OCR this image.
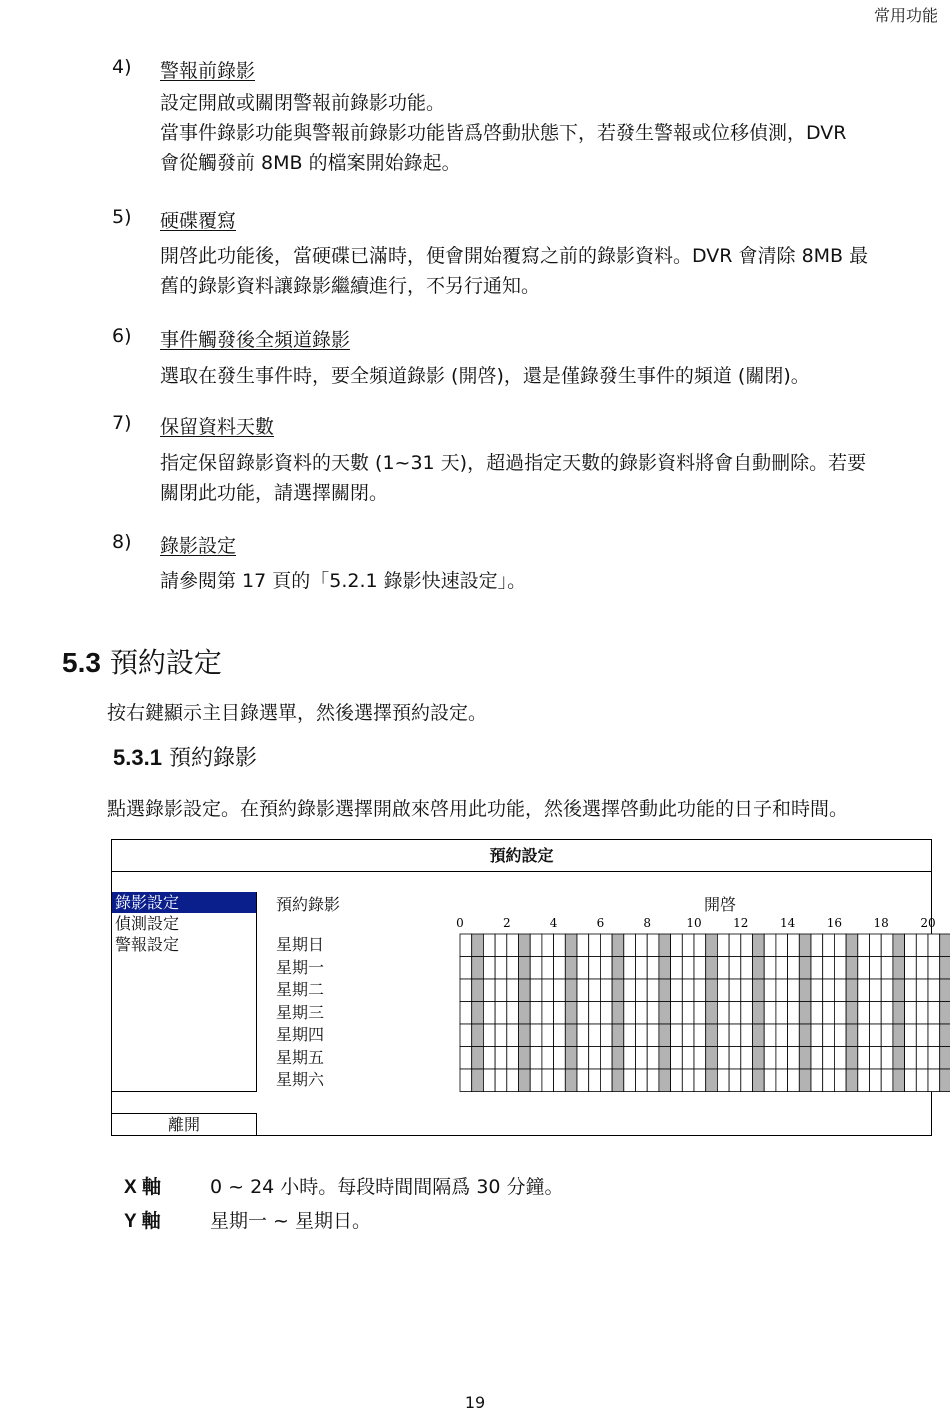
常用功能
4) 警報前錄影
設定開啟或關閉警報前錄影功能。
當事件錄影功能與警報前錄影功能皆爲啓動狀態下，若發生警報或位移偵測，DVR
會從觸發前 8MB 的檔案開始錄起。
5) 硬碟覆寫
開啓此功能後，當硬碟已滿時，便會開始覆寫之前的錄影資料。DVR 會清除 8MB 最
舊的錄影資料讓錄影繼續進行，不另行通知。
6) 事件觸發後全頻道錄影
選取在發生事件時，要全頻道錄影 (開啓)，還是僅錄發生事件的頻道 (關閉)。
7) 保留資料天數
指定保留錄影資料的天數 (1~31 天)，超過指定天數的錄影資料將會自動刪除。若要
關閉此功能，請選擇關閉。
8) 錄影設定
請參閱第 17 頁的「5.2.1 錄影快速設定」。
5.3 預約設定
按右鍵顯示主目錄選單，然後選擇預約設定。
5.3.1 預約錄影
點選錄影設定。在預約錄影選擇開啟來啓用此功能，然後選擇啓動此功能的日子和時間。
預約設定
錄影設定
偵測設定
警報設定
離開
預約錄影	開啓
星期日
星期一
星期二
星期三
星期四
星期五
星期六
0	2	4	6	8	10	12	14	16	18	20
X 軸	0 ~ 24 小時。每段時間間隔爲 30 分鐘。
Y 軸	星期一 ~ 星期日。
19
